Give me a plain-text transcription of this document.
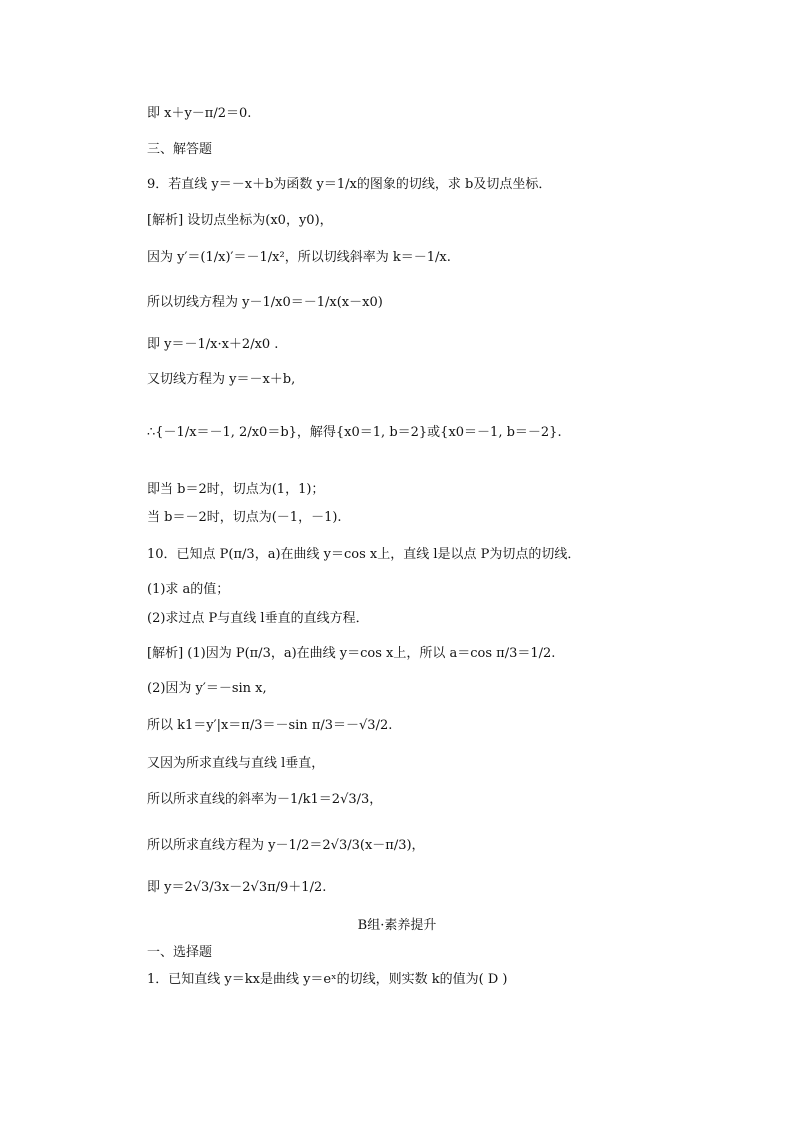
即 x＋y－π/2＝0.
三、解答题
9．若直线 y＝－x＋b为函数 y＝1/x的图象的切线，求 b及切点坐标．
[解析] 设切点坐标为(x0，y0)，
因为 y′＝(1/x)′＝－1/x²，所以切线斜率为 k＝－1/x.
所以切线方程为 y－1/x0＝－1/x(x－x0)
即 y＝－1/x·x＋2/x0 .
又切线方程为 y＝－x＋b,
∴{－1/x＝－1, 2/x0＝b}，解得{x0＝1, b＝2}或{x0＝－1, b＝－2}.
即当 b＝2时，切点为(1，1)；
当 b＝－2时，切点为(－1，－1).
10．已知点 P(π/3，a)在曲线 y＝cos x上，直线 l是以点 P为切点的切线．
(1)求 a的值；
(2)求过点 P与直线 l垂直的直线方程．
[解析] (1)因为 P(π/3，a)在曲线 y＝cos x上，所以 a＝cos π/3＝1/2.
(2)因为 y′＝－sin x,
所以 k1＝y′|x＝π/3＝－sin π/3＝－√3/2.
又因为所求直线与直线 l垂直，
所以所求直线的斜率为－1/k1＝2√3/3，
所以所求直线方程为 y－1/2＝2√3/3(x－π/3)，
即 y＝2√3/3x－2√3π/9＋1/2.
B组·素养提升
一、选择题
1．已知直线 y＝kx是曲线 y＝eˣ的切线，则实数 k的值为( D )
